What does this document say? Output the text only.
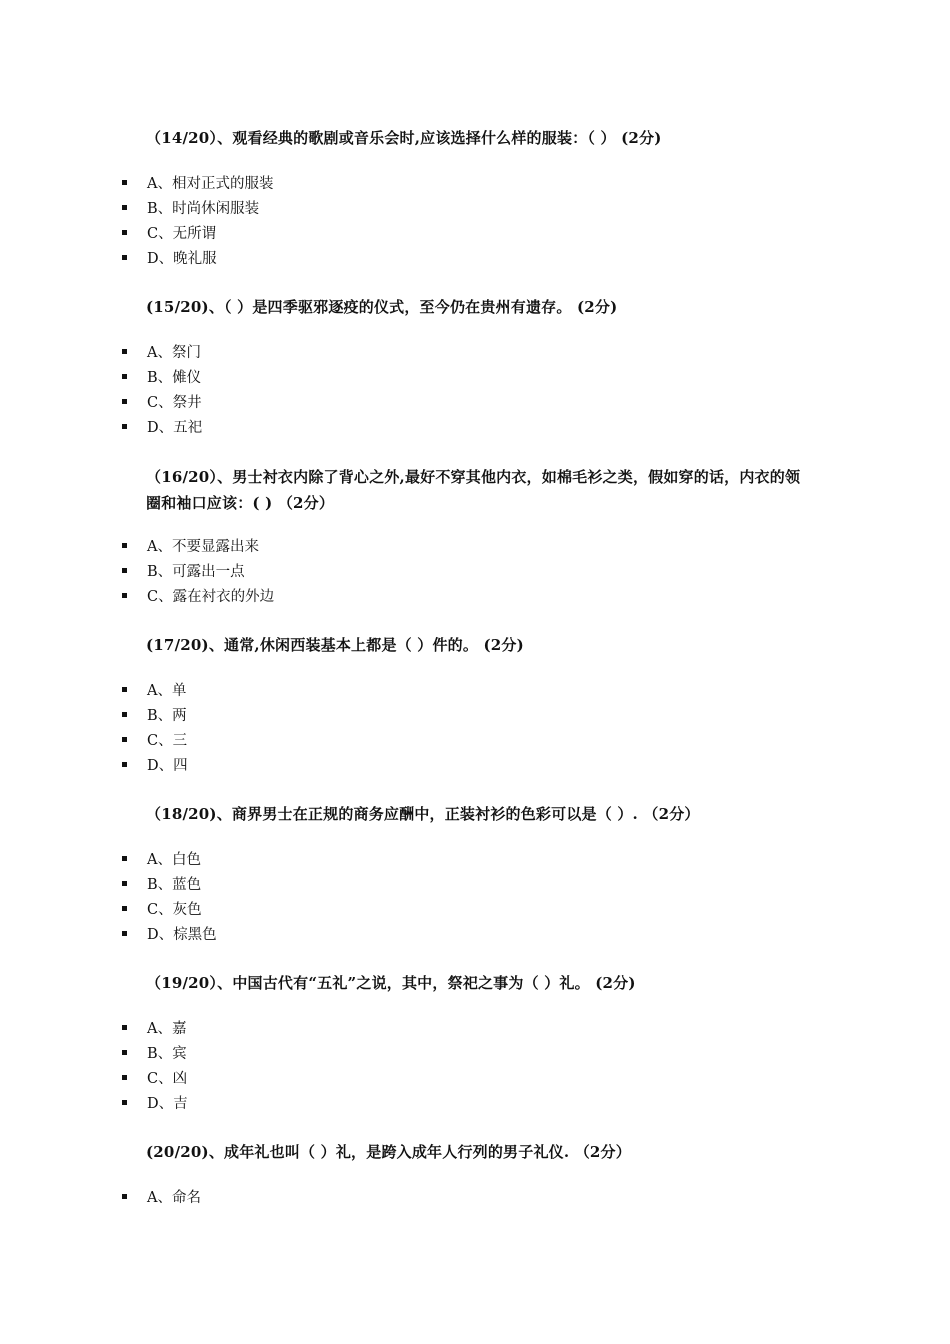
（14/20）、观看经典的歌剧或音乐会时,应该选择什么样的服装：（ ） (2分)
A、相对正式的服装
B、时尚休闲服装
C、无所谓
D、晚礼服
(15/20)、（ ）是四季驱邪逐疫的仪式，至今仍在贵州有遗存。 (2分)
A、祭门
B、傩仪
C、祭井
D、五祀
（16/20）、男士衬衣内除了背心之外,最好不穿其他内衣，如棉毛衫之类，假如穿的话，内衣的领圈和袖口应该：( ) （2分）
A、不要显露出来
B、可露出一点
C、露在衬衣的外边
(17/20)、通常,休闲西装基本上都是（ ）件的。 (2分)
A、单
B、两
C、三
D、四
（18/20)、商界男士在正规的商务应酬中，正装衬衫的色彩可以是（ ）. （2分）
A、白色
B、蓝色
C、灰色
D、棕黑色
（19/20）、中国古代有“五礼”之说，其中，祭祀之事为（ ）礼。 (2分)
A、嘉
B、宾
C、凶
D、吉
(20/20)、成年礼也叫（ ）礼，是跨入成年人行列的男子礼仪. （2分）
A、命名
